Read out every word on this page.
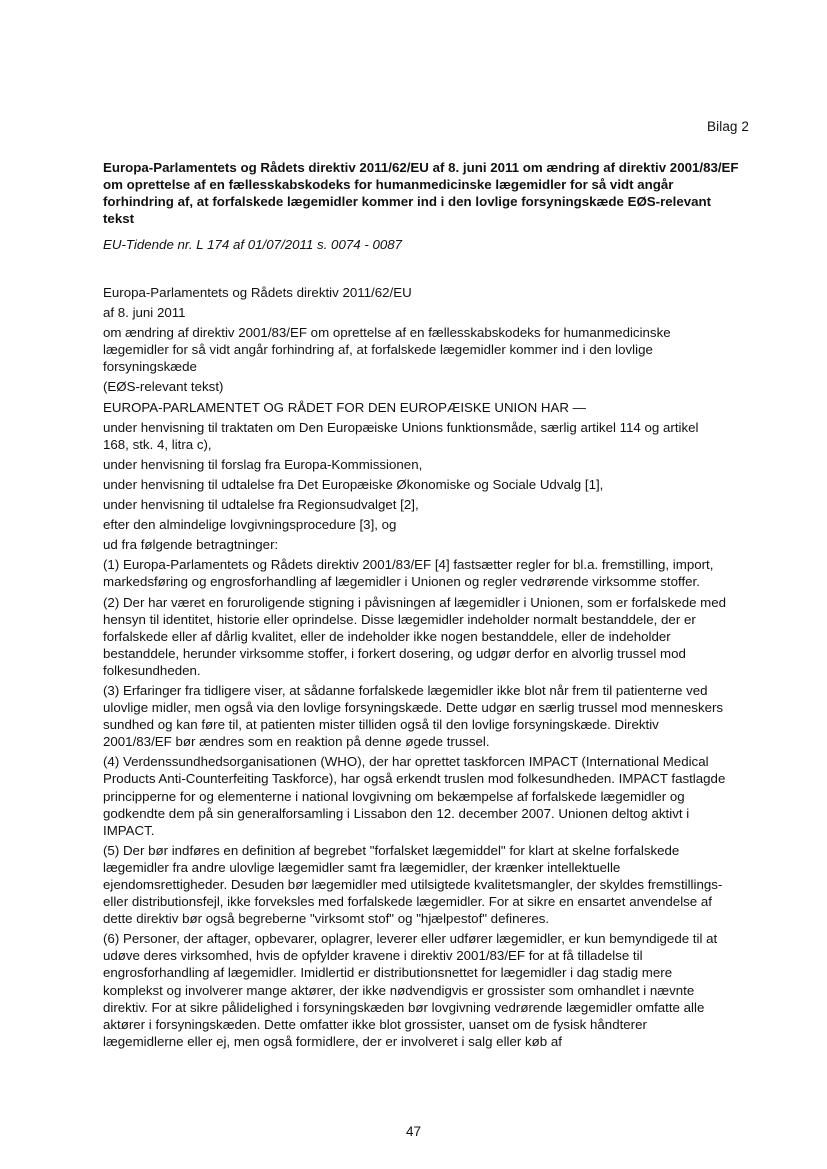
Bilag 2

Europa-Parlamentets og Rådets direktiv 2011/62/EU af 8. juni 2011 om ændring af direktiv 2001/83/EF om oprettelse af en fællesskabskodeks for humanmedicinske lægemidler for så vidt angår forhindring af, at forfalskede lægemidler kommer ind i den lovlige forsyningskæde EØS-relevant tekst

EU-Tidende nr. L 174 af 01/07/2011 s. 0074 - 0087

Europa-Parlamentets og Rådets direktiv 2011/62/EU

af 8. juni 2011

om ændring af direktiv 2001/83/EF om oprettelse af en fællesskabskodeks for humanmedicinske lægemidler for så vidt angår forhindring af, at forfalskede lægemidler kommer ind i den lovlige forsyningskæde

(EØS-relevant tekst)

EUROPA-PARLAMENTET OG RÅDET FOR DEN EUROPÆISKE UNION HAR —

under henvisning til traktaten om Den Europæiske Unions funktionsmåde, særlig artikel 114 og artikel 168, stk. 4, litra c),

under henvisning til forslag fra Europa-Kommissionen,

under henvisning til udtalelse fra Det Europæiske Økonomiske og Sociale Udvalg [1],

under henvisning til udtalelse fra Regionsudvalget [2],

efter den almindelige lovgivningsprocedure [3], og

ud fra følgende betragtninger:

(1) Europa-Parlamentets og Rådets direktiv 2001/83/EF [4] fastsætter regler for bl.a. fremstilling, import, markedsføring og engrosforhandling af lægemidler i Unionen og regler vedrørende virksomme stoffer.

(2) Der har været en foruroligende stigning i påvisningen af lægemidler i Unionen, som er forfalskede med hensyn til identitet, historie eller oprindelse. Disse lægemidler indeholder normalt bestanddele, der er forfalskede eller af dårlig kvalitet, eller de indeholder ikke nogen bestanddele, eller de indeholder bestanddele, herunder virksomme stoffer, i forkert dosering, og udgør derfor en alvorlig trussel mod folkesundheden.

(3) Erfaringer fra tidligere viser, at sådanne forfalskede lægemidler ikke blot når frem til patienterne ved ulovlige midler, men også via den lovlige forsyningskæde. Dette udgør en særlig trussel mod menneskers sundhed og kan føre til, at patienten mister tilliden også til den lovlige forsyningskæde. Direktiv 2001/83/EF bør ændres som en reaktion på denne øgede trussel.

(4) Verdenssundhedsorganisationen (WHO), der har oprettet taskforcen IMPACT (International Medical Products Anti-Counterfeiting Taskforce), har også erkendt truslen mod folkesundheden. IMPACT fastlagde principperne for og elementerne i national lovgivning om bekæmpelse af forfalskede lægemidler og godkendte dem på sin generalforsamling i Lissabon den 12. december 2007. Unionen deltog aktivt i IMPACT.

(5) Der bør indføres en definition af begrebet "forfalsket lægemiddel" for klart at skelne forfalskede lægemidler fra andre ulovlige lægemidler samt fra lægemidler, der krænker intellektuelle ejendomsrettigheder. Desuden bør lægemidler med utilsigtede kvalitetsmangler, der skyldes fremstillings- eller distributionsfejl, ikke forveksles med forfalskede lægemidler. For at sikre en ensartet anvendelse af dette direktiv bør også begreberne "virksomt stof" og "hjælpestof" defineres.

(6) Personer, der aftager, opbevarer, oplagrer, leverer eller udfører lægemidler, er kun bemyndigede til at udøve deres virksomhed, hvis de opfylder kravene i direktiv 2001/83/EF for at få tilladelse til engrosforhandling af lægemidler. Imidlertid er distributionsnettet for lægemidler i dag stadig mere komplekst og involverer mange aktører, der ikke nødvendigvis er grossister som omhandlet i nævnte direktiv. For at sikre pålidelighed i forsyningskæden bør lovgivning vedrørende lægemidler omfatte alle aktører i forsyningskæden. Dette omfatter ikke blot grossister, uanset om de fysisk håndterer lægemidlerne eller ej, men også formidlere, der er involveret i salg eller køb af

47
